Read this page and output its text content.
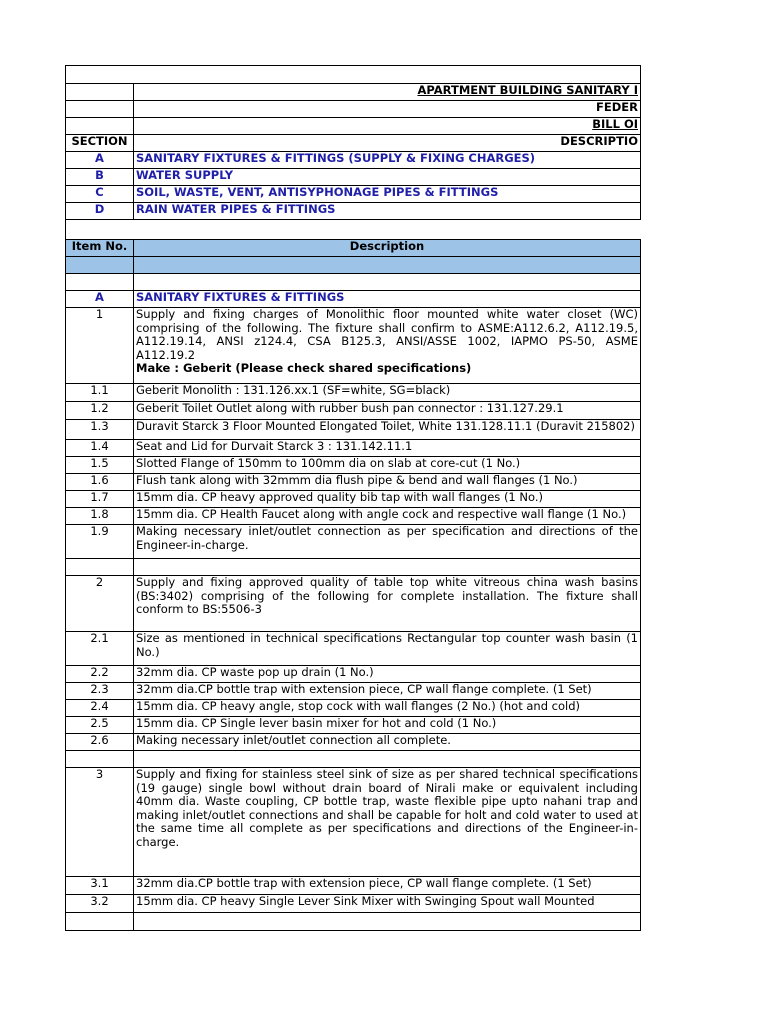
	APARTMENT BUILDING SANITARY I
	FEDER
	BILL OI
SECTION	DESCRIPTIO
A	SANITARY FIXTURES & FITTINGS (SUPPLY & FIXING CHARGES)
B	WATER SUPPLY
C	SOIL, WASTE, VENT, ANTISYPHONAGE PIPES & FITTINGS
D	RAIN WATER PIPES & FITTINGS

Item No.	Description

A	SANITARY FIXTURES & FITTINGS
1	Supply and fixing charges of Monolithic floor mounted white water closet (WC) comprising of the following. The fixture shall confirm to ASME:A112.6.2, A112.19.5, A112.19.14, ANSI z124.4, CSA B125.3, ANSI/ASSE 1002, IAPMO PS-50, ASME A112.19.2
Make : Geberit (Please check shared specifications)

1.1	Geberit Monolith : 131.126.xx.1 (SF=white, SG=black)
1.2	Geberit Toilet Outlet along with rubber bush pan connector : 131.127.29.1
1.3	Duravit Starck 3 Floor Mounted Elongated Toilet, White 131.128.11.1 (Duravit 215802)
1.4	Seat and Lid for Durvait Starck 3 : 131.142.11.1
1.5	Slotted Flange of 150mm to 100mm dia on slab at core-cut (1 No.)
1.6	Flush tank along with 32mmm dia flush pipe & bend and wall flanges (1 No.)
1.7	15mm dia. CP heavy approved quality bib tap with wall flanges (1 No.)
1.8	15mm dia. CP Health Faucet along with angle cock and respective wall flange (1 No.)
1.9	Making necessary inlet/outlet connection as per specification and directions of the Engineer-in-charge.

2	Supply and fixing approved quality of table top white vitreous china wash basins (BS:3402) comprising of the following for complete installation. The fixture shall conform to BS:5506-3
2.1	Size as mentioned in technical specifications Rectangular top counter wash basin (1 No.)
2.2	32mm dia. CP waste pop up drain (1 No.)
2.3	32mm dia.CP bottle trap with extension piece, CP wall flange complete. (1 Set)
2.4	15mm dia. CP heavy angle, stop cock with wall flanges (2 No.) (hot and cold)
2.5	15mm dia. CP Single lever basin mixer for hot and cold (1 No.)
2.6	Making necessary inlet/outlet connection all complete.

3	Supply and fixing for stainless steel sink of size as per shared technical specifications (19 gauge) single bowl without drain board of Nirali make or equivalent including 40mm dia. Waste coupling, CP bottle trap, waste flexible pipe upto nahani trap and making inlet/outlet connections and shall be capable for holt and cold water to used at the same time all complete as per specifications and directions of the Engineer-in-charge.
3.1	32mm dia.CP bottle trap with extension piece, CP wall flange complete. (1 Set)
3.2	15mm dia. CP heavy Single Lever Sink Mixer with Swinging Spout wall Mounted
